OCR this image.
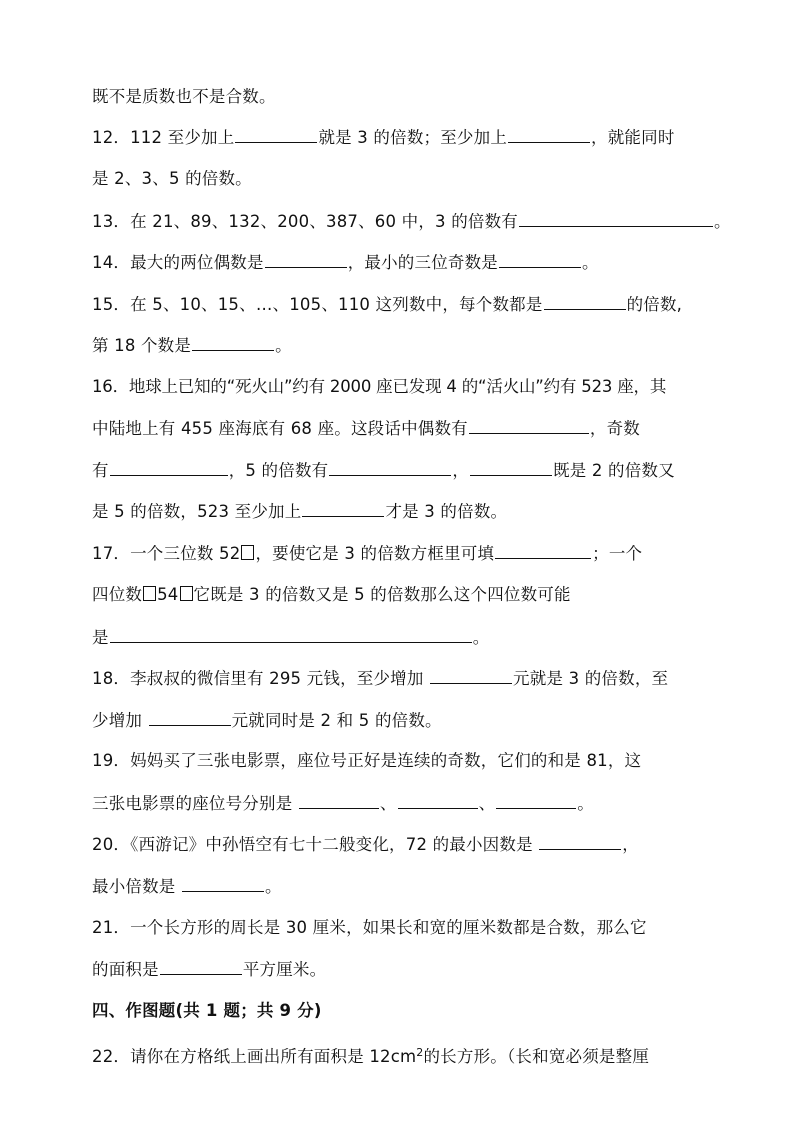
既不是质数也不是合数。
12．112 至少加上	就是 3 的倍数；至少加上	，就能同时
是 2、3、5 的倍数。
13．在 21、89、132、200、387、60 中，3 的倍数有	。
14．最大的两位偶数是	，最小的三位奇数是	。
15．在 5、10、15、…、105、110 这列数中，每个数都是	的倍数,
第 18 个数是	。
16．地球上已知的“死火山”约有 2000 座已发现 4 的“活火山”约有 523 座，其
中陆地上有 455 座海底有 68 座。这段话中偶数有	，奇数
有	，5 的倍数有	，	既是 2 的倍数又
是 5 的倍数，523 至少加上	才是 3 的倍数。
17．一个三位数 52 ，要使它是 3 的倍数方框里可填	；一个
四位数 54 它既是 3 的倍数又是 5 的倍数那么这个四位数可能
是	。
18．李叔叔的微信里有 295 元钱，至少增加	元就是 3 的倍数，至
少增加	元就同时是 2 和 5 的倍数。
19．妈妈买了三张电影票，座位号正好是连续的奇数，它们的和是 81，这
三张电影票的座位号分别是	、	、	。
20．《西游记》中孙悟空有七十二般变化，72 的最小因数是	，
最小倍数是	。
21．一个长方形的周长是 30 厘米，如果长和宽的厘米数都是合数，那么它
的面积是	平方厘米。
四、作图题(共 1 题；共 9 分)
22．请你在方格纸上画出所有面积是 $12cm^2$的长方形。（长和宽必须是整厘
